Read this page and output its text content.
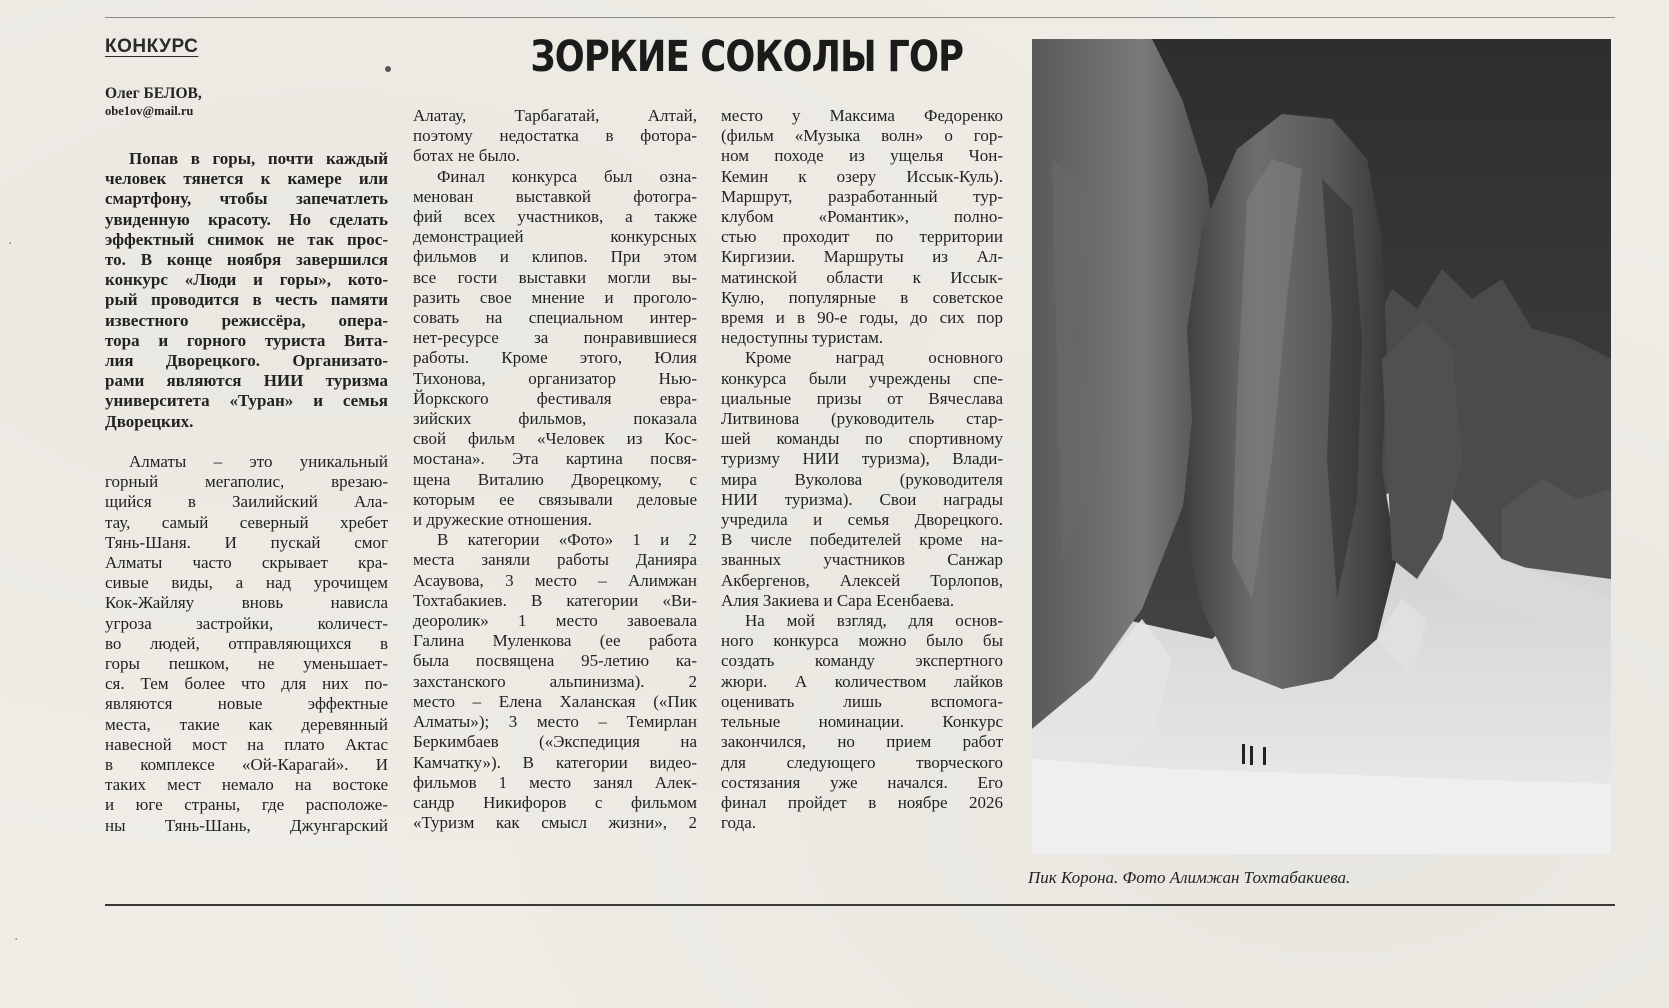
КОНКУРС
Олег БЕЛОВ,
obe1ov@mail.ru
ЗОРКИЕ СОКОЛЫ ГОР
Попав в горы, почти каждый
человек тянется к камере или
смартфону, чтобы запечатлеть
увиденную красоту. Но сделать
эффектный снимок не так прос-
то. В конце ноября завершился
конкурс «Люди и горы», кото-
рый проводится в честь памяти
известного режиссёра, опера-
тора и горного туриста Вита-
лия Дворецкого. Организато-
рами являются НИИ туризма
университета «Туран» и семья
Дворецких.
Алматы – это уникальный
горный мегаполис, врезаю-
щийся в Заилийский Ала-
тау, самый северный хребет
Тянь-Шаня. И пускай смог
Алматы часто скрывает кра-
сивые виды, а над урочищем
Кок-Жайляу вновь нависла
угроза застройки, количест-
во людей, отправляющихся в
горы пешком, не уменьшает-
ся. Тем более что для них по-
являются новые эффектные
места, такие как деревянный
навесной мост на плато Актас
в комплексе «Ой-Карагай». И
таких мест немало на востоке
и юге страны, где расположе-
ны Тянь-Шань, Джунгарский
Алатау, Тарбагатай, Алтай,
поэтому недостатка в фотора-
ботах не было.
Финал конкурса был озна-
менован выставкой фотогра-
фий всех участников, а также
демонстрацией конкурсных
фильмов и клипов. При этом
все гости выставки могли вы-
разить свое мнение и проголо-
совать на специальном интер-
нет-ресурсе за понравившиеся
работы. Кроме этого, Юлия
Тихонова, организатор Нью-
Йоркского фестиваля евра-
зийских фильмов, показала
свой фильм «Человек из Кос-
мостана». Эта картина посвя-
щена Виталию Дворецкому, с
которым ее связывали деловые
и дружеские отношения.
В категории «Фото» 1 и 2
места заняли работы Данияра
Асаувова, 3 место – Алимжан
Тохтабакиев. В категории «Ви-
деоролик» 1 место завоевала
Галина Муленкова (ее работа
была посвящена 95-летию ка-
захстанского альпинизма). 2
место – Елена Халанская («Пик
Алматы»); 3 место – Темирлан
Беркимбаев («Экспедиция на
Камчатку»). В категории видео-
фильмов 1 место занял Алек-
сандр Никифоров с фильмом
«Туризм как смысл жизни», 2
место у Максима Федоренко
(фильм «Музыка волн» о гор-
ном походе из ущелья Чон-
Кемин к озеру Иссык-Куль).
Маршрут, разработанный тур-
клубом «Романтик», полно-
стью проходит по территории
Киргизии. Маршруты из Ал-
матинской области к Иссык-
Кулю, популярные в советское
время и в 90-е годы, до сих пор
недоступны туристам.
Кроме наград основного
конкурса были учреждены спе-
циальные призы от Вячеслава
Литвинова (руководитель стар-
шей команды по спортивному
туризму НИИ туризма), Влади-
мира Вуколова (руководителя
НИИ туризма). Свои награды
учредила и семья Дворецкого.
В числе победителей кроме на-
званных участников Санжар
Акбергенов, Алексей Торлопов,
Алия Закиева и Сара Есенбаева.
На мой взгляд, для основ-
ного конкурса можно было бы
создать команду экспертного
жюри. А количеством лайков
оценивать лишь вспомога-
тельные номинации. Конкурс
закончился, но прием работ
для следующего творческого
состязания уже начался. Его
финал пройдет в ноябре 2026
года.
Пик Корона. Фото Алимжан Тохтабакиева.
·
·
